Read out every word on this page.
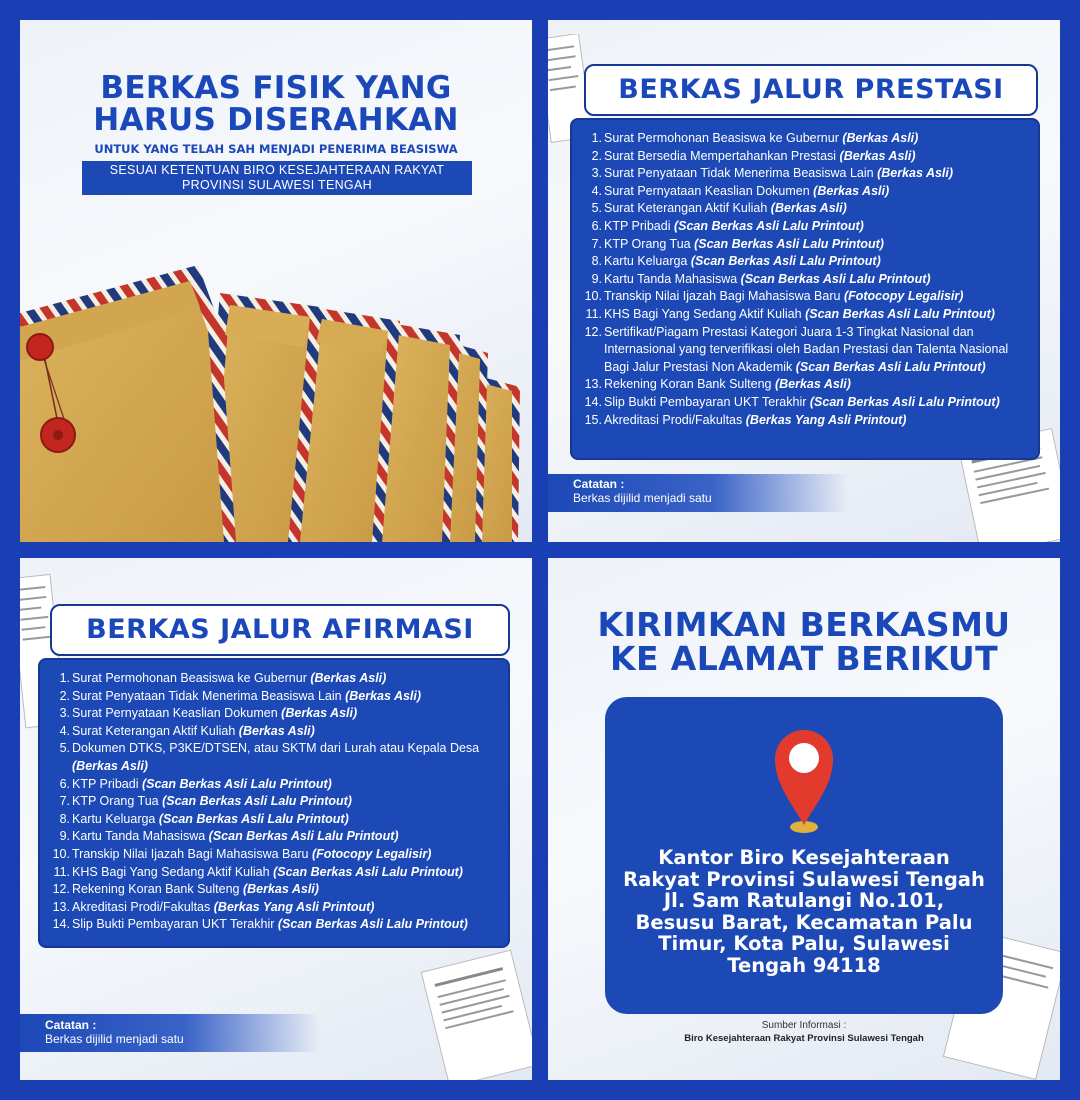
BERKAS FISIK YANG
HARUS DISERAHKAN
UNTUK YANG TELAH SAH MENJADI PENERIMA BEASISWA
SESUAI KETENTUAN BIRO KESEJAHTERAAN RAKYAT
PROVINSI SULAWESI TENGAH
BERKAS JALUR PRESTASI
1. Surat Permohonan Beasiswa ke Gubernur (Berkas Asli)
2. Surat Bersedia Mempertahankan Prestasi (Berkas Asli)
3. Surat Penyataan Tidak Menerima Beasiswa Lain (Berkas Asli)
4. Surat Pernyataan Keaslian Dokumen (Berkas Asli)
5. Surat Keterangan Aktif Kuliah (Berkas Asli)
6. KTP Pribadi (Scan Berkas Asli Lalu Printout)
7. KTP Orang Tua (Scan Berkas Asli Lalu Printout)
8. Kartu Keluarga (Scan Berkas Asli Lalu Printout)
9. Kartu Tanda Mahasiswa (Scan Berkas Asli Lalu Printout)
10. Transkip Nilai Ijazah Bagi Mahasiswa Baru (Fotocopy Legalisir)
11. KHS Bagi Yang Sedang Aktif Kuliah (Scan Berkas Asli Lalu Printout)
12. Sertifikat/Piagam Prestasi Kategori Juara 1-3 Tingkat Nasional dan Internasional yang terverifikasi oleh Badan Prestasi dan Talenta Nasional Bagi Jalur Prestasi Non Akademik (Scan Berkas Asli Lalu Printout)
13. Rekening Koran Bank Sulteng (Berkas Asli)
14. Slip Bukti Pembayaran UKT Terakhir (Scan Berkas Asli Lalu Printout)
15. Akreditasi Prodi/Fakultas (Berkas Yang Asli Printout)
Catatan :
Berkas dijilid menjadi satu
BERKAS JALUR AFIRMASI
1. Surat Permohonan Beasiswa ke Gubernur (Berkas Asli)
2. Surat Penyataan Tidak Menerima Beasiswa Lain (Berkas Asli)
3. Surat Pernyataan Keaslian Dokumen (Berkas Asli)
4. Surat Keterangan Aktif Kuliah (Berkas Asli)
5. Dokumen DTKS, P3KE/DTSEN, atau SKTM dari Lurah atau Kepala Desa (Berkas Asli)
6. KTP Pribadi (Scan Berkas Asli Lalu Printout)
7. KTP Orang Tua (Scan Berkas Asli Lalu Printout)
8. Kartu Keluarga (Scan Berkas Asli Lalu Printout)
9. Kartu Tanda Mahasiswa (Scan Berkas Asli Lalu Printout)
10. Transkip Nilai Ijazah Bagi Mahasiswa Baru (Fotocopy Legalisir)
11. KHS Bagi Yang Sedang Aktif Kuliah (Scan Berkas Asli Lalu Printout)
12. Rekening Koran Bank Sulteng (Berkas Asli)
13. Akreditasi Prodi/Fakultas (Berkas Yang Asli Printout)
14. Slip Bukti Pembayaran UKT Terakhir (Scan Berkas Asli Lalu Printout)
Catatan :
Berkas dijilid menjadi satu
KIRIMKAN BERKASMU
KE ALAMAT BERIKUT
Kantor Biro Kesejahteraan
Rakyat Provinsi Sulawesi Tengah
Jl. Sam Ratulangi No.101,
Besusu Barat, Kecamatan Palu
Timur, Kota Palu, Sulawesi
Tengah 94118
Sumber Informasi :
Biro Kesejahteraan Rakyat Provinsi Sulawesi Tengah
